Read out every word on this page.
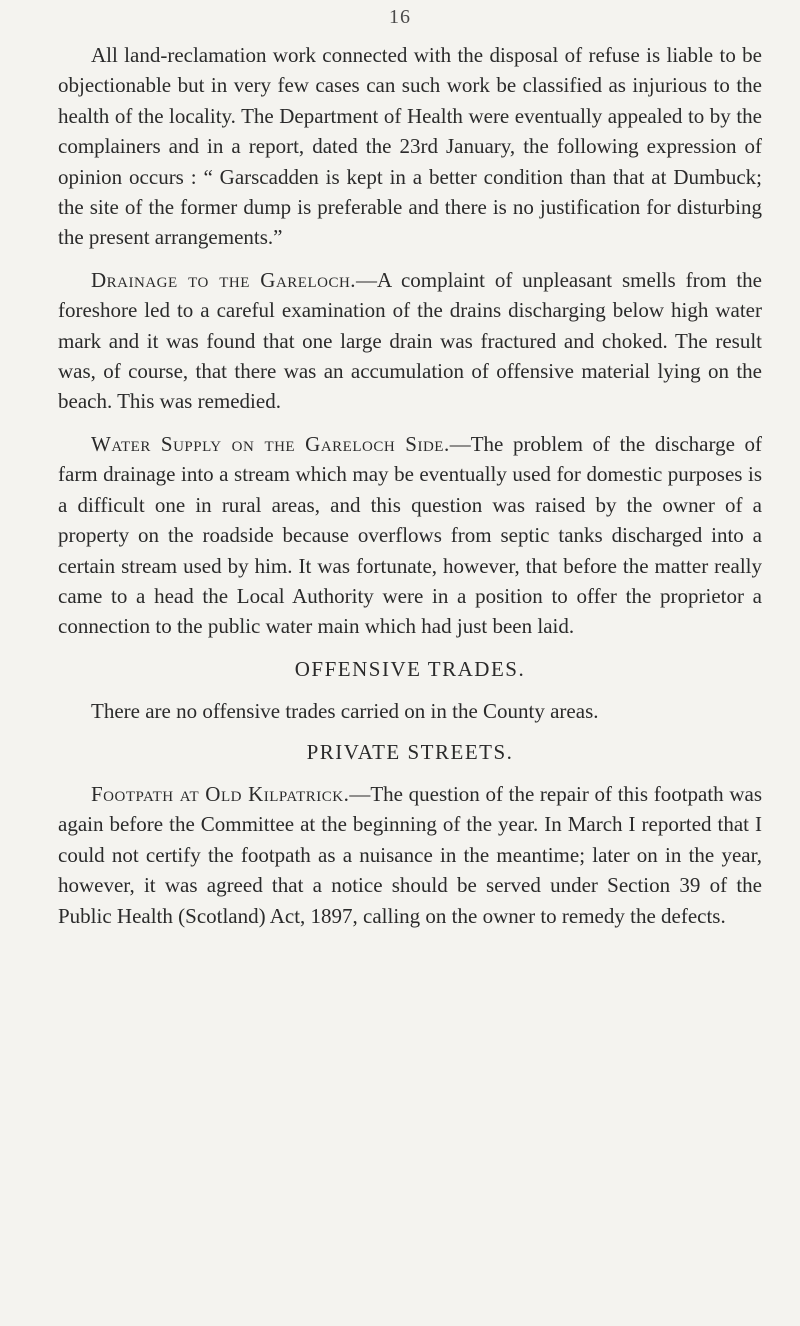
16

All land-reclamation work connected with the disposal of refuse is liable to be objectionable but in very few cases can such work be classified as injurious to the health of the locality. The Department of Health were eventually appealed to by the complainers and in a report, dated the 23rd January, the following expression of opinion occurs : “ Garscadden is kept in a better condition than that at Dumbuck; the site of the former dump is preferable and there is no justification for disturbing the present arrangements.”

Drainage to the Gareloch.—A complaint of unpleasant smells from the foreshore led to a careful examination of the drains discharging below high water mark and it was found that one large drain was fractured and choked. The result was, of course, that there was an accumulation of offensive material lying on the beach. This was remedied.

Water Supply on the Gareloch Side.—The problem of the discharge of farm drainage into a stream which may be eventually used for domestic purposes is a difficult one in rural areas, and this question was raised by the owner of a property on the roadside because overflows from septic tanks discharged into a certain stream used by him. It was fortunate, however, that before the matter really came to a head the Local Authority were in a position to offer the proprietor a connection to the public water main which had just been laid.

OFFENSIVE TRADES.

There are no offensive trades carried on in the County areas.

PRIVATE STREETS.

Footpath at Old Kilpatrick.—The question of the repair of this footpath was again before the Committee at the beginning of the year. In March I reported that I could not certify the footpath as a nuisance in the meantime; later on in the year, however, it was agreed that a notice should be served under Section 39 of the Public Health (Scotland) Act, 1897, calling on the owner to remedy the defects.
